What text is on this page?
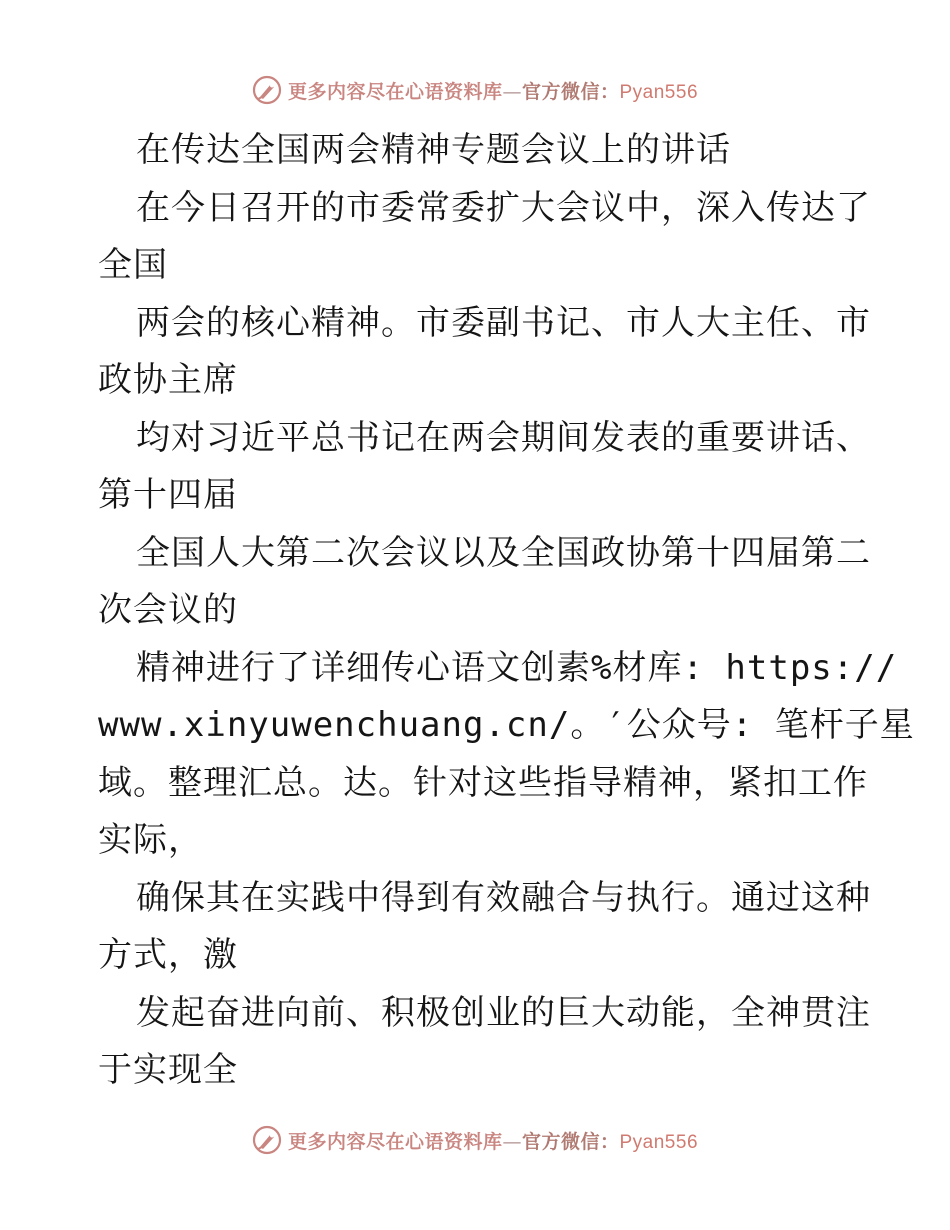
更多内容尽在心语资料库—官方微信：Pyan556
在传达全国两会精神专题会议上的讲话
在今日召开的市委常委扩大会议中，深入传达了
全国
两会的核心精神。市委副书记、市人大主任、市
政协主席
均对习近平总书记在两会期间发表的重要讲话、
第十四届
全国人大第二次会议以及全国政协第十四届第二
次会议的
精神进行了详细传心语文创素%材库: https://
www.xinyuwenchuang.cn/。′公众号: 笔杆子星
域。整理汇总。达。针对这些指导精神，紧扣工作
实际，
确保其在实践中得到有效融合与执行。通过这种
方式，激
发起奋进向前、积极创业的巨大动能，全神贯注
于实现全
更多内容尽在心语资料库—官方微信：Pyan556
